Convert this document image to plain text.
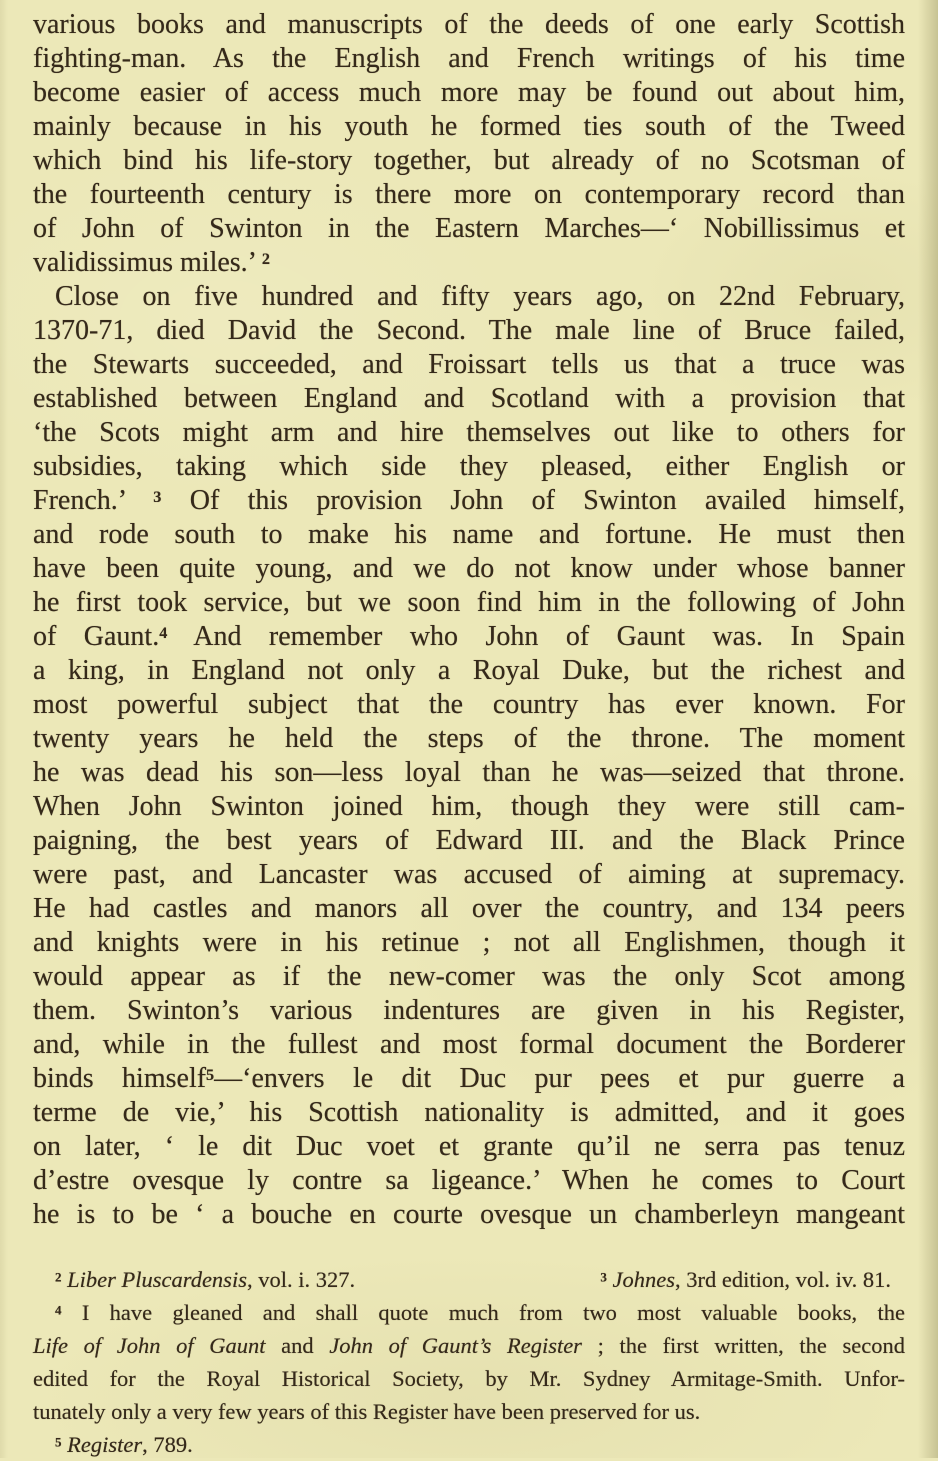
various books and manuscripts of the deeds of one early Scottish
fighting-man. As the English and French writings of his time
become easier of access much more may be found out about him,
mainly because in his youth he formed ties south of the Tweed
which bind his life-story together, but already of no Scotsman of
the fourteenth century is there more on contemporary record than
of John of Swinton in the Eastern Marches—‘ Nobillissimus et
validissimus miles.’ $^2$
Close on five hundred and fifty years ago, on 22nd February,
1370-71, died David the Second. The male line of Bruce failed,
the Stewarts succeeded, and Froissart tells us that a truce was
established between England and Scotland with a provision that
‘the Scots might arm and hire themselves out like to others for
subsidies, taking which side they pleased, either English or
French.’ $^3$ Of this provision John of Swinton availed himself,
and rode south to make his name and fortune. He must then
have been quite young, and we do not know under whose banner
he first took service, but we soon find him in the following of John
of Gaunt.$^4$ And remember who John of Gaunt was. In Spain
a king, in England not only a Royal Duke, but the richest and
most powerful subject that the country has ever known. For
twenty years he held the steps of the throne. The moment
he was dead his son—less loyal than he was—seized that throne.
When John Swinton joined him, though they were still cam-
paigning, the best years of Edward III. and the Black Prince
were past, and Lancaster was accused of aiming at supremacy.
He had castles and manors all over the country, and 134 peers
and knights were in his retinue ; not all Englishmen, though it
would appear as if the new-comer was the only Scot among
them. Swinton’s various indentures are given in his Register,
and, while in the fullest and most formal document the Borderer
binds himself$^5$—‘envers le dit Duc pur pees et pur guerre a
terme de vie,’ his Scottish nationality is admitted, and it goes
on later, ‘ le dit Duc voet et grante qu’il ne serra pas tenuz
d’estre ovesque ly contre sa ligeance.’ When he comes to Court
he is to be ‘ a bouche en courte ovesque un chamberleyn mangeant
$^2$ Liber Pluscardensis, vol. i. 327.	$^3$ Johnes, 3rd edition, vol. iv. 81.
$^4$ I have gleaned and shall quote much from two most valuable books, the
Life of John of Gaunt and John of Gaunt’s Register ; the first written, the second
edited for the Royal Historical Society, by Mr. Sydney Armitage-Smith. Unfor-
tunately only a very few years of this Register have been preserved for us.
$^5$ Register, 789.
